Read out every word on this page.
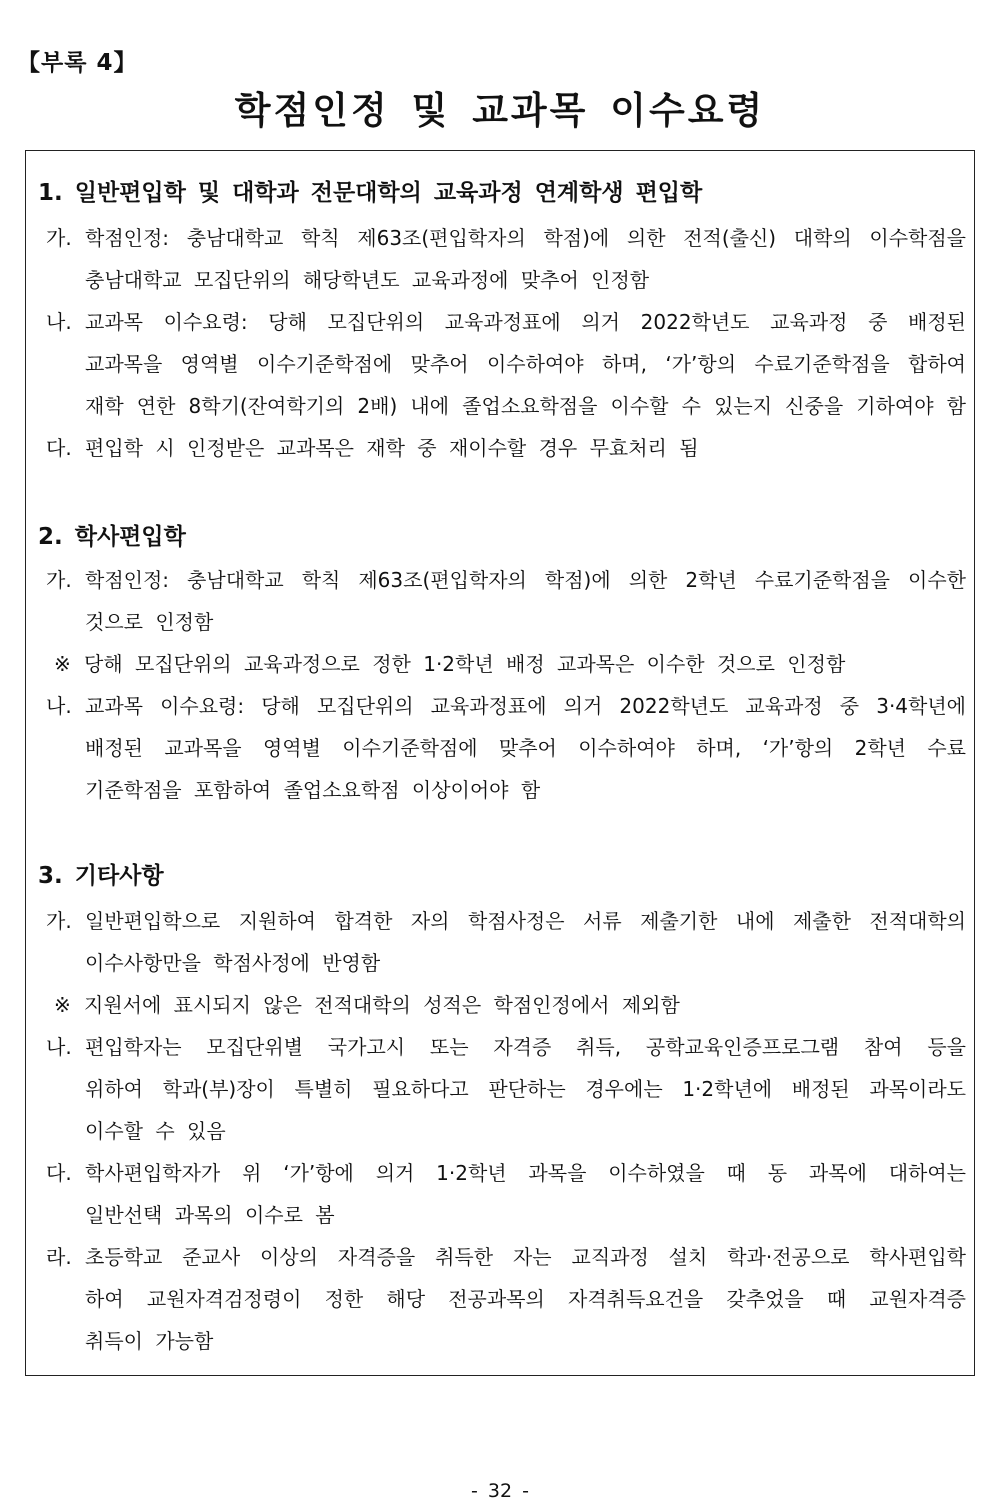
【부록 4】
학점인정 및 교과목 이수요령
1. 일반편입학 및 대학과 전문대학의 교육과정 연계학생 편입학
가. 학점인정: 충남대학교 학칙 제63조(편입학자의 학점)에 의한 전적(출신) 대학의 이수학점을
충남대학교 모집단위의 해당학년도 교육과정에 맞추어 인정함
나. 교과목 이수요령: 당해 모집단위의 교육과정표에 의거 2022학년도 교육과정 중 배정된
교과목을 영역별 이수기준학점에 맞추어 이수하여야 하며, ‘가’항의 수료기준학점을 합하여
재학 연한 8학기(잔여학기의 2배) 내에 졸업소요학점을 이수할 수 있는지 신중을 기하여야 함
다. 편입학 시 인정받은 교과목은 재학 중 재이수할 경우 무효처리 됨
2. 학사편입학
가. 학점인정: 충남대학교 학칙 제63조(편입학자의 학점)에 의한 2학년 수료기준학점을 이수한
것으로 인정함
※ 당해 모집단위의 교육과정으로 정한 1·2학년 배정 교과목은 이수한 것으로 인정함
나. 교과목 이수요령: 당해 모집단위의 교육과정표에 의거 2022학년도 교육과정 중 3·4학년에
배정된 교과목을 영역별 이수기준학점에 맞추어 이수하여야 하며, ‘가’항의 2학년 수료
기준학점을 포함하여 졸업소요학점 이상이어야 함
3. 기타사항
가. 일반편입학으로 지원하여 합격한 자의 학점사정은 서류 제출기한 내에 제출한 전적대학의
이수사항만을 학점사정에 반영함
※ 지원서에 표시되지 않은 전적대학의 성적은 학점인정에서 제외함
나. 편입학자는 모집단위별 국가고시 또는 자격증 취득, 공학교육인증프로그램 참여 등을
위하여 학과(부)장이 특별히 필요하다고 판단하는 경우에는 1·2학년에 배정된 과목이라도
이수할 수 있음
다. 학사편입학자가 위 ‘가’항에 의거 1·2학년 과목을 이수하였을 때 동 과목에 대하여는
일반선택 과목의 이수로 봄
라. 초등학교 준교사 이상의 자격증을 취득한 자는 교직과정 설치 학과·전공으로 학사편입학
하여 교원자격검정령이 정한 해당 전공과목의 자격취득요건을 갖추었을 때 교원자격증
취득이 가능함
- 32 -
